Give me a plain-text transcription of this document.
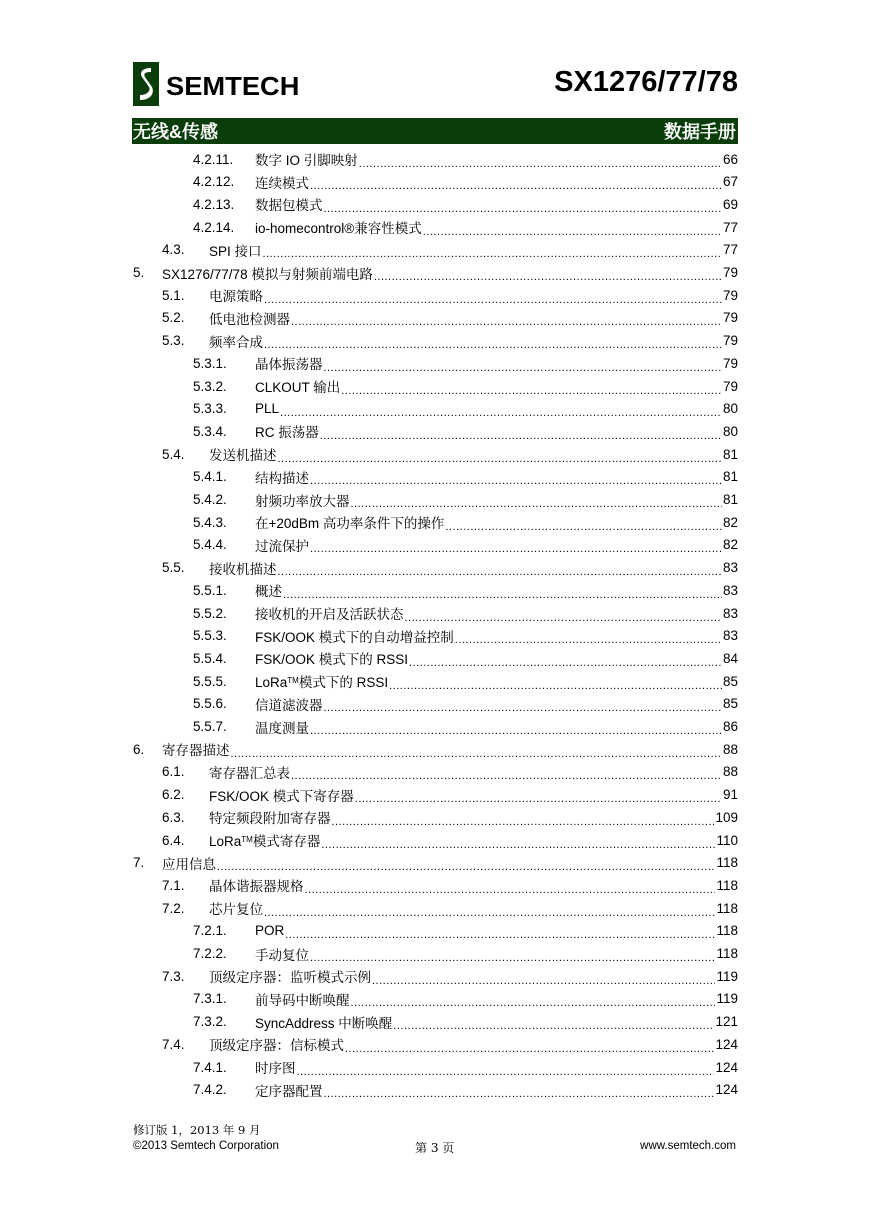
SEMTECH	SX1276/77/78
无线&传感	数据手册
4.2.11.	数字 IO 引脚映射 .....	66
4.2.12.	连续模式 .....	67
4.2.13.	数据包模式 .....	69
4.2.14.	io-homecontrol®兼容性模式 .....	77
4.3.	SPI 接口 .....	77
5.	SX1276/77/78 模拟与射频前端电路 .....	79
5.1.	电源策略 .....	79
5.2.	低电池检测器 .....	79
5.3.	频率合成 .....	79
5.3.1.	晶体振荡器 .....	79
5.3.2.	CLKOUT 输出 .....	79
5.3.3.	PLL .....	80
5.3.4.	RC 振荡器 .....	80
5.4.	发送机描述 .....	81
5.4.1.	结构描述 .....	81
5.4.2.	射频功率放大器 .....	81
5.4.3.	在+20dBm 高功率条件下的操作 .....	82
5.4.4.	过流保护 .....	82
5.5.	接收机描述 .....	83
5.5.1.	概述 .....	83
5.5.2.	接收机的开启及活跃状态 .....	83
5.5.3.	FSK/OOK 模式下的自动增益控制 .....	83
5.5.4.	FSK/OOK 模式下的 RSSI .....	84
5.5.5.	LoRa™模式下的 RSSI .....	85
5.5.6.	信道滤波器 .....	85
5.5.7.	温度测量 .....	86
6.	寄存器描述 .....	88
6.1.	寄存器汇总表 .....	88
6.2.	FSK/OOK 模式下寄存器 .....	91
6.3.	特定频段附加寄存器 .....	109
6.4.	LoRa™模式寄存器 .....	110
7.	应用信息 .....	118
7.1.	晶体谐振器规格 .....	118
7.2.	芯片复位 .....	118
7.2.1.	POR .....	118
7.2.2.	手动复位 .....	118
7.3.	顶级定序器：监听模式示例 .....	119
7.3.1.	前导码中断唤醒 .....	119
7.3.2.	SyncAddress 中断唤醒 .....	121
7.4.	顶级定序器：信标模式 .....	124
7.4.1.	时序图 .....	124
7.4.2.	定序器配置 .....	124
修订版 1，2013 年 9 月
©2013 Semtech Corporation	第 3 页	www.semtech.com
